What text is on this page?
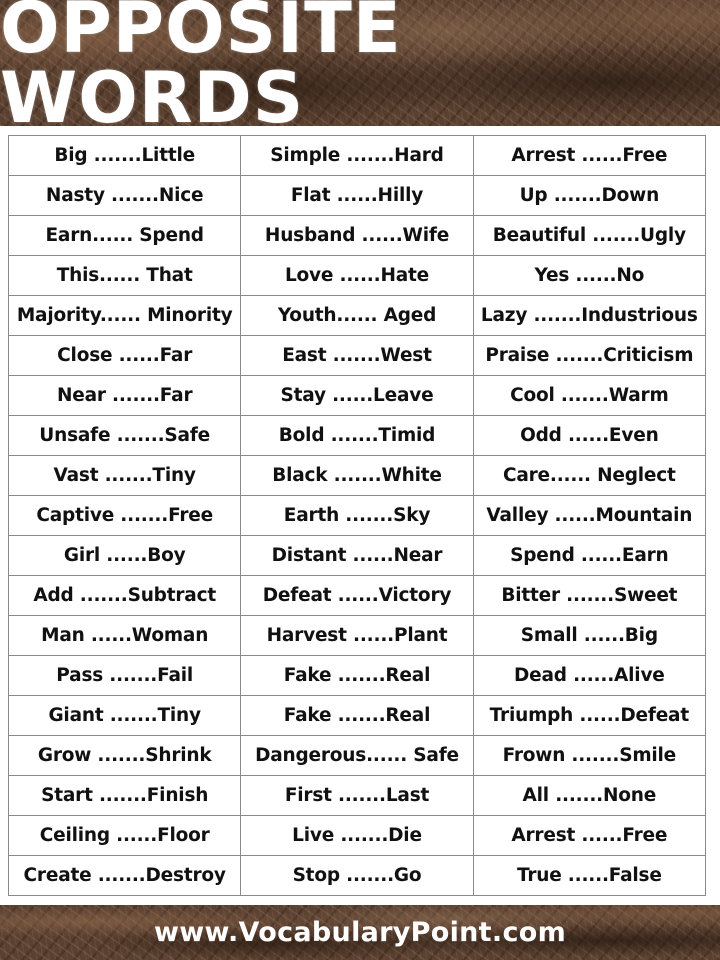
OPPOSITE WORDS
Big .......Little	Simple .......Hard	Arrest ......Free
Nasty .......Nice	Flat ......Hilly	Up .......Down
Earn...... Spend	Husband ......Wife	Beautiful .......Ugly
This...... That	Love ......Hate	Yes ......No
Majority...... Minority	Youth...... Aged	Lazy .......Industrious
Close ......Far	East .......West	Praise .......Criticism
Near .......Far	Stay ......Leave	Cool .......Warm
Unsafe .......Safe	Bold .......Timid	Odd ......Even
Vast .......Tiny	Black .......White	Care...... Neglect
Captive .......Free	Earth .......Sky	Valley ......Mountain
Girl ......Boy	Distant ......Near	Spend ......Earn
Add .......Subtract	Defeat ......Victory	Bitter .......Sweet
Man ......Woman	Harvest ......Plant	Small ......Big
Pass .......Fail	Fake .......Real	Dead ......Alive
Giant .......Tiny	Fake .......Real	Triumph ......Defeat
Grow .......Shrink	Dangerous...... Safe	Frown .......Smile
Start .......Finish	First .......Last	All .......None
Ceiling ......Floor	Live .......Die	Arrest ......Free
Create .......Destroy	Stop .......Go	True ......False
www.VocabularyPoint.com
